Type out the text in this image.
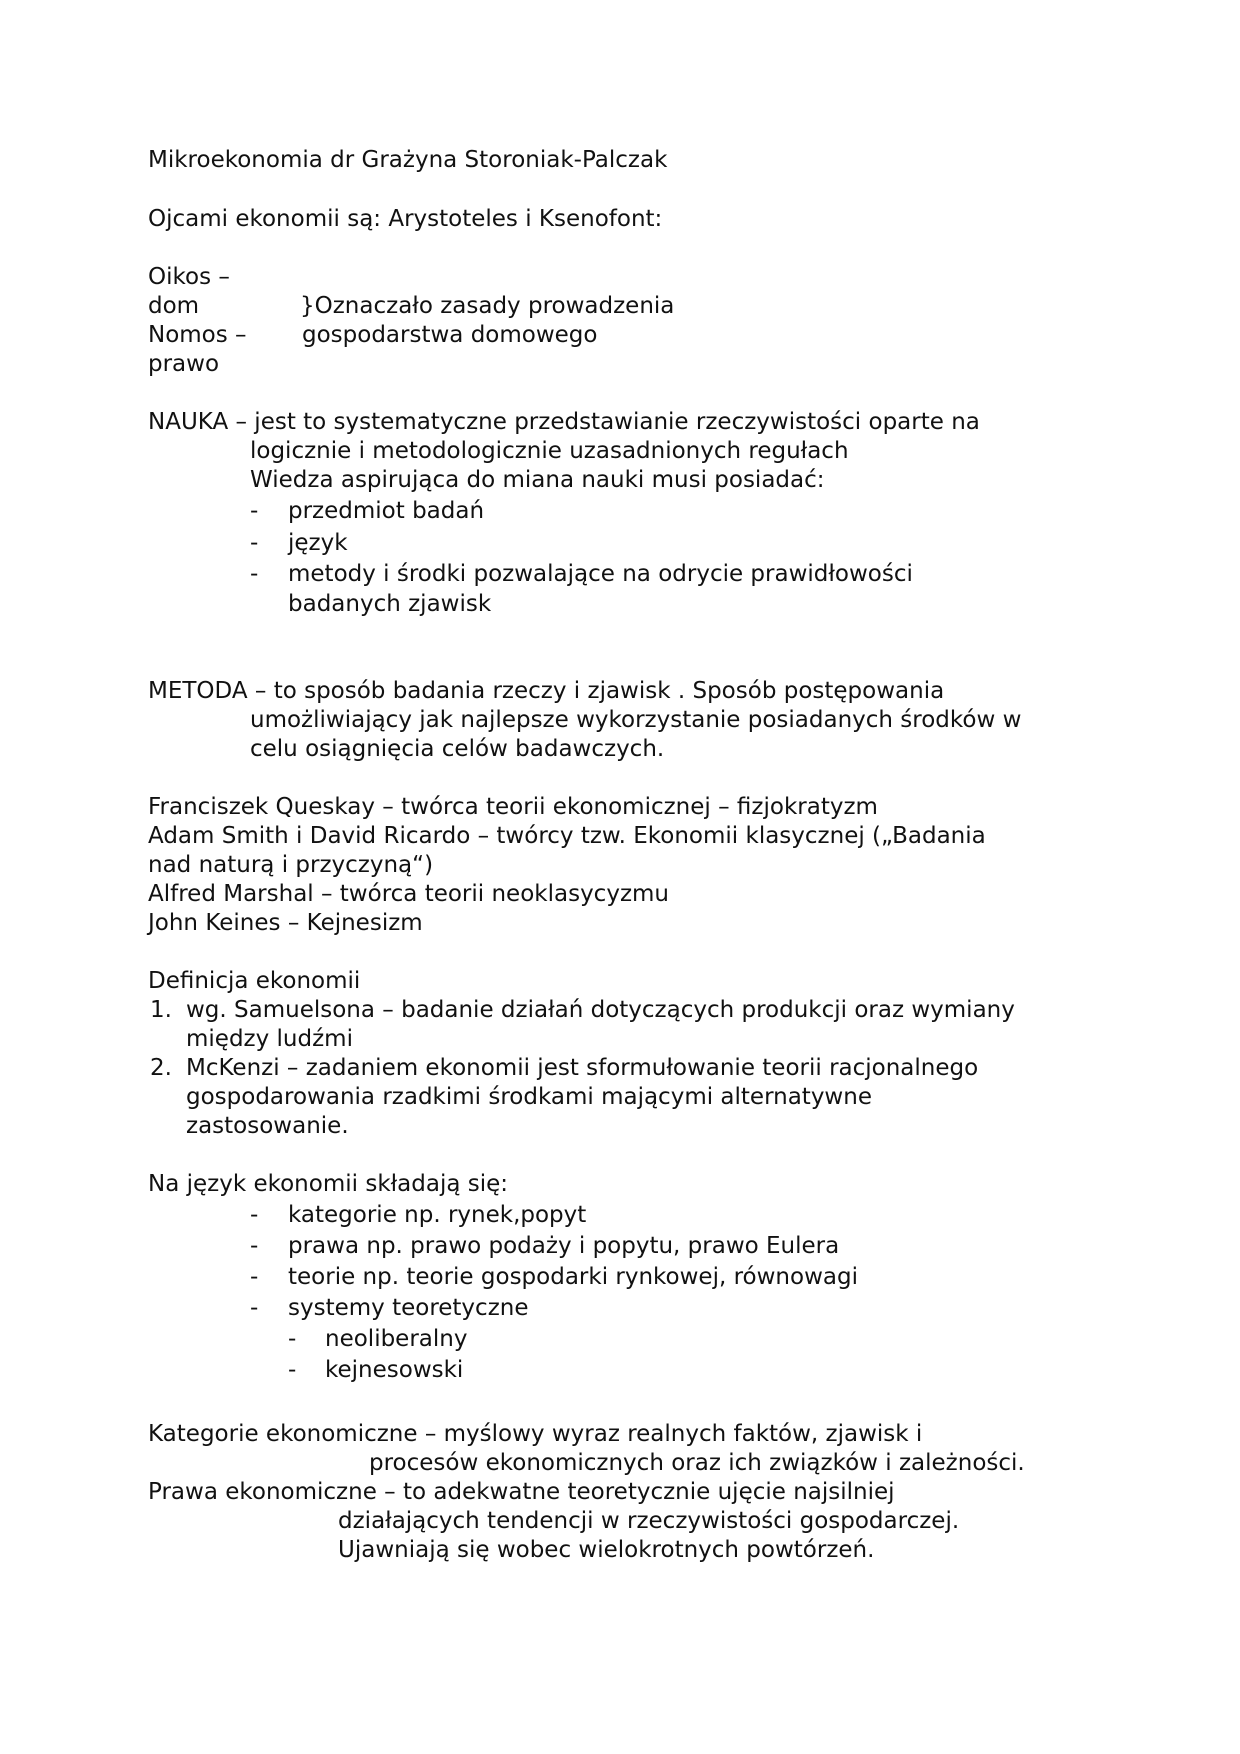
Mikroekonomia dr Grażyna Storoniak-Palczak
Ojcami ekonomii są: Arystoteles i Ksenofont:
Oikos –
dom	}Oznaczało zasady prowadzenia
Nomos – gospodarstwa domowego
prawo
NAUKA – jest to systematyczne przedstawianie rzeczywistości oparte na
logicznie i metodologicznie uzasadnionych regułach
Wiedza aspirująca do miana nauki musi posiadać:
- przedmiot badań
- język
- metody i środki pozwalające na odrycie prawidłowości
badanych zjawisk
METODA – to sposób badania rzeczy i zjawisk . Sposób postępowania
umożliwiający jak najlepsze wykorzystanie posiadanych środków w
celu osiągnięcia celów badawczych.
Franciszek Queskay – twórca teorii ekonomicznej – fizjokratyzm
Adam Smith i David Ricardo – twórcy tzw. Ekonomii klasycznej („Badania
nad naturą i przyczyną“)
Alfred Marshal – twórca teorii neoklasycyzmu
John Keines – Kejnesizm
Definicja ekonomii
1. wg. Samuelsona – badanie działań dotyczących produkcji oraz wymiany
między ludźmi
2. McKenzi – zadaniem ekonomii jest sformułowanie teorii racjonalnego
gospodarowania rzadkimi środkami mającymi alternatywne
zastosowanie.
Na język ekonomii składają się:
- kategorie np. rynek,popyt
- prawa np. prawo podaży i popytu, prawo Eulera
- teorie np. teorie gospodarki rynkowej, równowagi
- systemy teoretyczne
- neoliberalny
- kejnesowski
Kategorie ekonomiczne – myślowy wyraz realnych faktów, zjawisk i
procesów ekonomicznych oraz ich związków i zależności.
Prawa ekonomiczne – to adekwatne teoretycznie ujęcie najsilniej
działających tendencji w rzeczywistości gospodarczej.
Ujawniają się wobec wielokrotnych powtórzeń.
